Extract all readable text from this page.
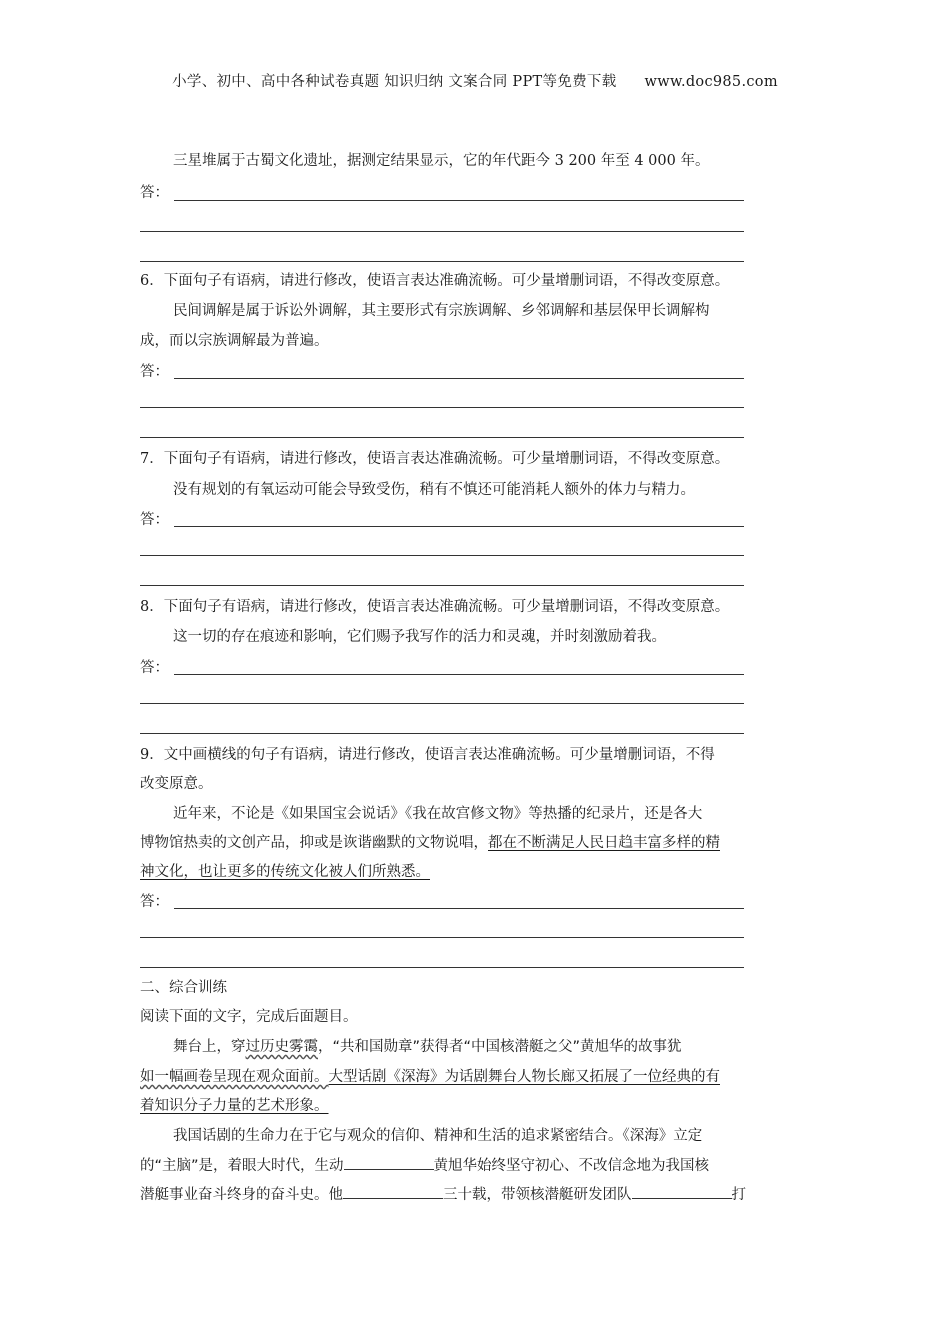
小学、初中、高中各种试卷真题 知识归纳 文案合同 PPT等免费下载 www.doc985.com
三星堆属于古蜀文化遗址，据测定结果显示，它的年代距今 3 200 年至 4 000 年。
答：
6．下面句子有语病，请进行修改，使语言表达准确流畅。可少量增删词语，不得改变原意。
民间调解是属于诉讼外调解，其主要形式有宗族调解、乡邻调解和基层保甲长调解构
成，而以宗族调解最为普遍。
答：
7．下面句子有语病，请进行修改，使语言表达准确流畅。可少量增删词语，不得改变原意。
没有规划的有氧运动可能会导致受伤，稍有不慎还可能消耗人额外的体力与精力。
答：
8．下面句子有语病，请进行修改，使语言表达准确流畅。可少量增删词语，不得改变原意。
这一切的存在痕迹和影响，它们赐予我写作的活力和灵魂，并时刻激励着我。
答：
9．文中画横线的句子有语病，请进行修改，使语言表达准确流畅。可少量增删词语，不得
改变原意。
近年来，不论是《如果国宝会说话》《我在故宫修文物》等热播的纪录片，还是各大
博物馆热卖的文创产品，抑或是诙谐幽默的文物说唱，都在不断满足人民日趋丰富多样的精
神文化，也让更多的传统文化被人们所熟悉。
答：
二、综合训练
阅读下面的文字，完成后面题目。
舞台上，穿过历史雾霭，“共和国勋章”获得者“中国核潜艇之父”黄旭华的故事犹
如一幅画卷呈现在观众面前。大型话剧《深海》为话剧舞台人物长廊又拓展了一位经典的有
着知识分子力量的艺术形象。
我国话剧的生命力在于它与观众的信仰、精神和生活的追求紧密结合。《深海》立定
的“主脑”是，着眼大时代，生动	黄旭华始终坚守初心、不改信念地为我国核
潜艇事业奋斗终身的奋斗史。他	三十载，带领核潜艇研发团队	打
